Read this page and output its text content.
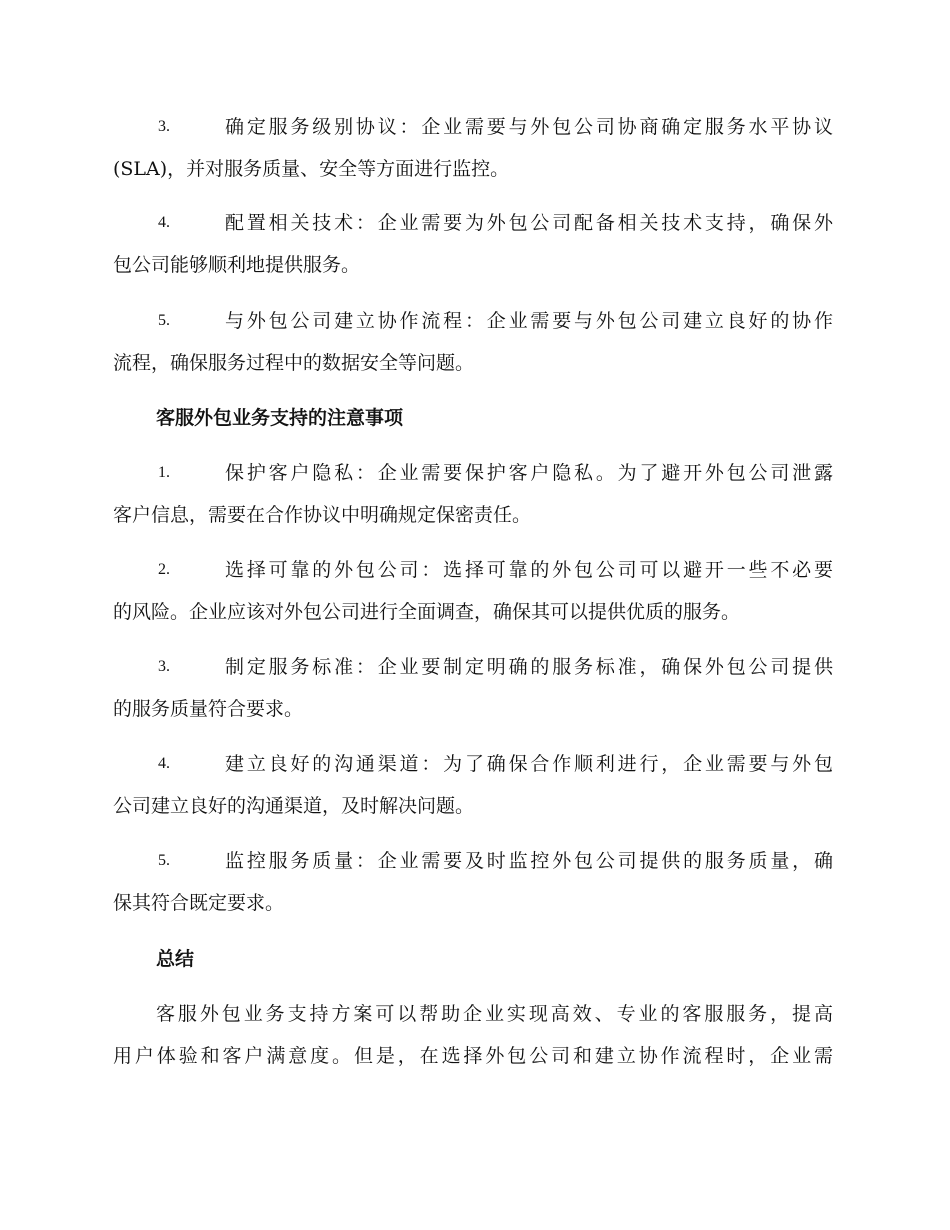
3.	确定服务级别协议：企业需要与外包公司协商确定服务水平协议
(SLA)，并对服务质量、安全等方面进行监控。
4.	配置相关技术：企业需要为外包公司配备相关技术支持，确保外
包公司能够顺利地提供服务。
5.	与外包公司建立协作流程：企业需要与外包公司建立良好的协作
流程，确保服务过程中的数据安全等问题。
客服外包业务支持的注意事项
1.	保护客户隐私：企业需要保护客户隐私。为了避开外包公司泄露
客户信息，需要在合作协议中明确规定保密责任。
2.	选择可靠的外包公司：选择可靠的外包公司可以避开一些不必要
的风险。企业应该对外包公司进行全面调查，确保其可以提供优质的服务。
3.	制定服务标准：企业要制定明确的服务标准，确保外包公司提供
的服务质量符合要求。
4.	建立良好的沟通渠道：为了确保合作顺利进行，企业需要与外包
公司建立良好的沟通渠道，及时解决问题。
5.	监控服务质量：企业需要及时监控外包公司提供的服务质量，确
保其符合既定要求。
总结
客服外包业务支持方案可以帮助企业实现高效、专业的客服服务，提高
用户体验和客户满意度。但是，在选择外包公司和建立协作流程时，企业需
